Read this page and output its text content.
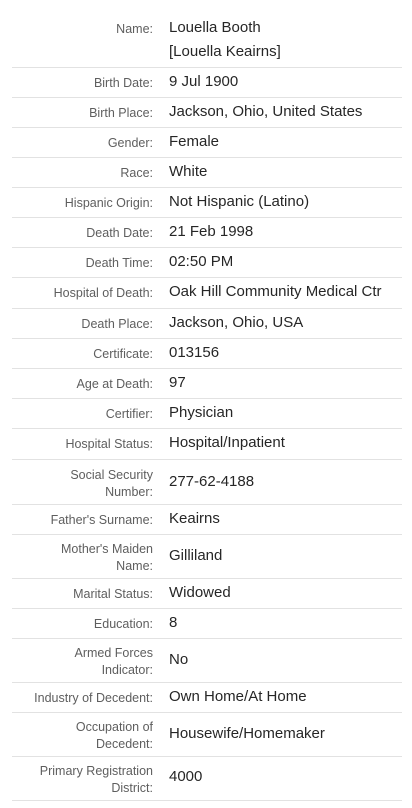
Name: Louella Booth
[Louella Keairns]
Birth Date: 9 Jul 1900
Birth Place: Jackson, Ohio, United States
Gender: Female
Race: White
Hispanic Origin: Not Hispanic (Latino)
Death Date: 21 Feb 1998
Death Time: 02:50 PM
Hospital of Death: Oak Hill Community Medical Ctr
Death Place: Jackson, Ohio, USA
Certificate: 013156
Age at Death: 97
Certifier: Physician
Hospital Status: Hospital/Inpatient
Social Security
Number:
277-62-4188
Father's Surname: Keairns
Mother's Maiden
Name:
Gilliland
Marital Status: Widowed
Education: 8
Armed Forces
Indicator:
No
Industry of Decedent: Own Home/At Home
Occupation of
Decedent:
Housewife/Homemaker
Primary Registration
District:
4000
